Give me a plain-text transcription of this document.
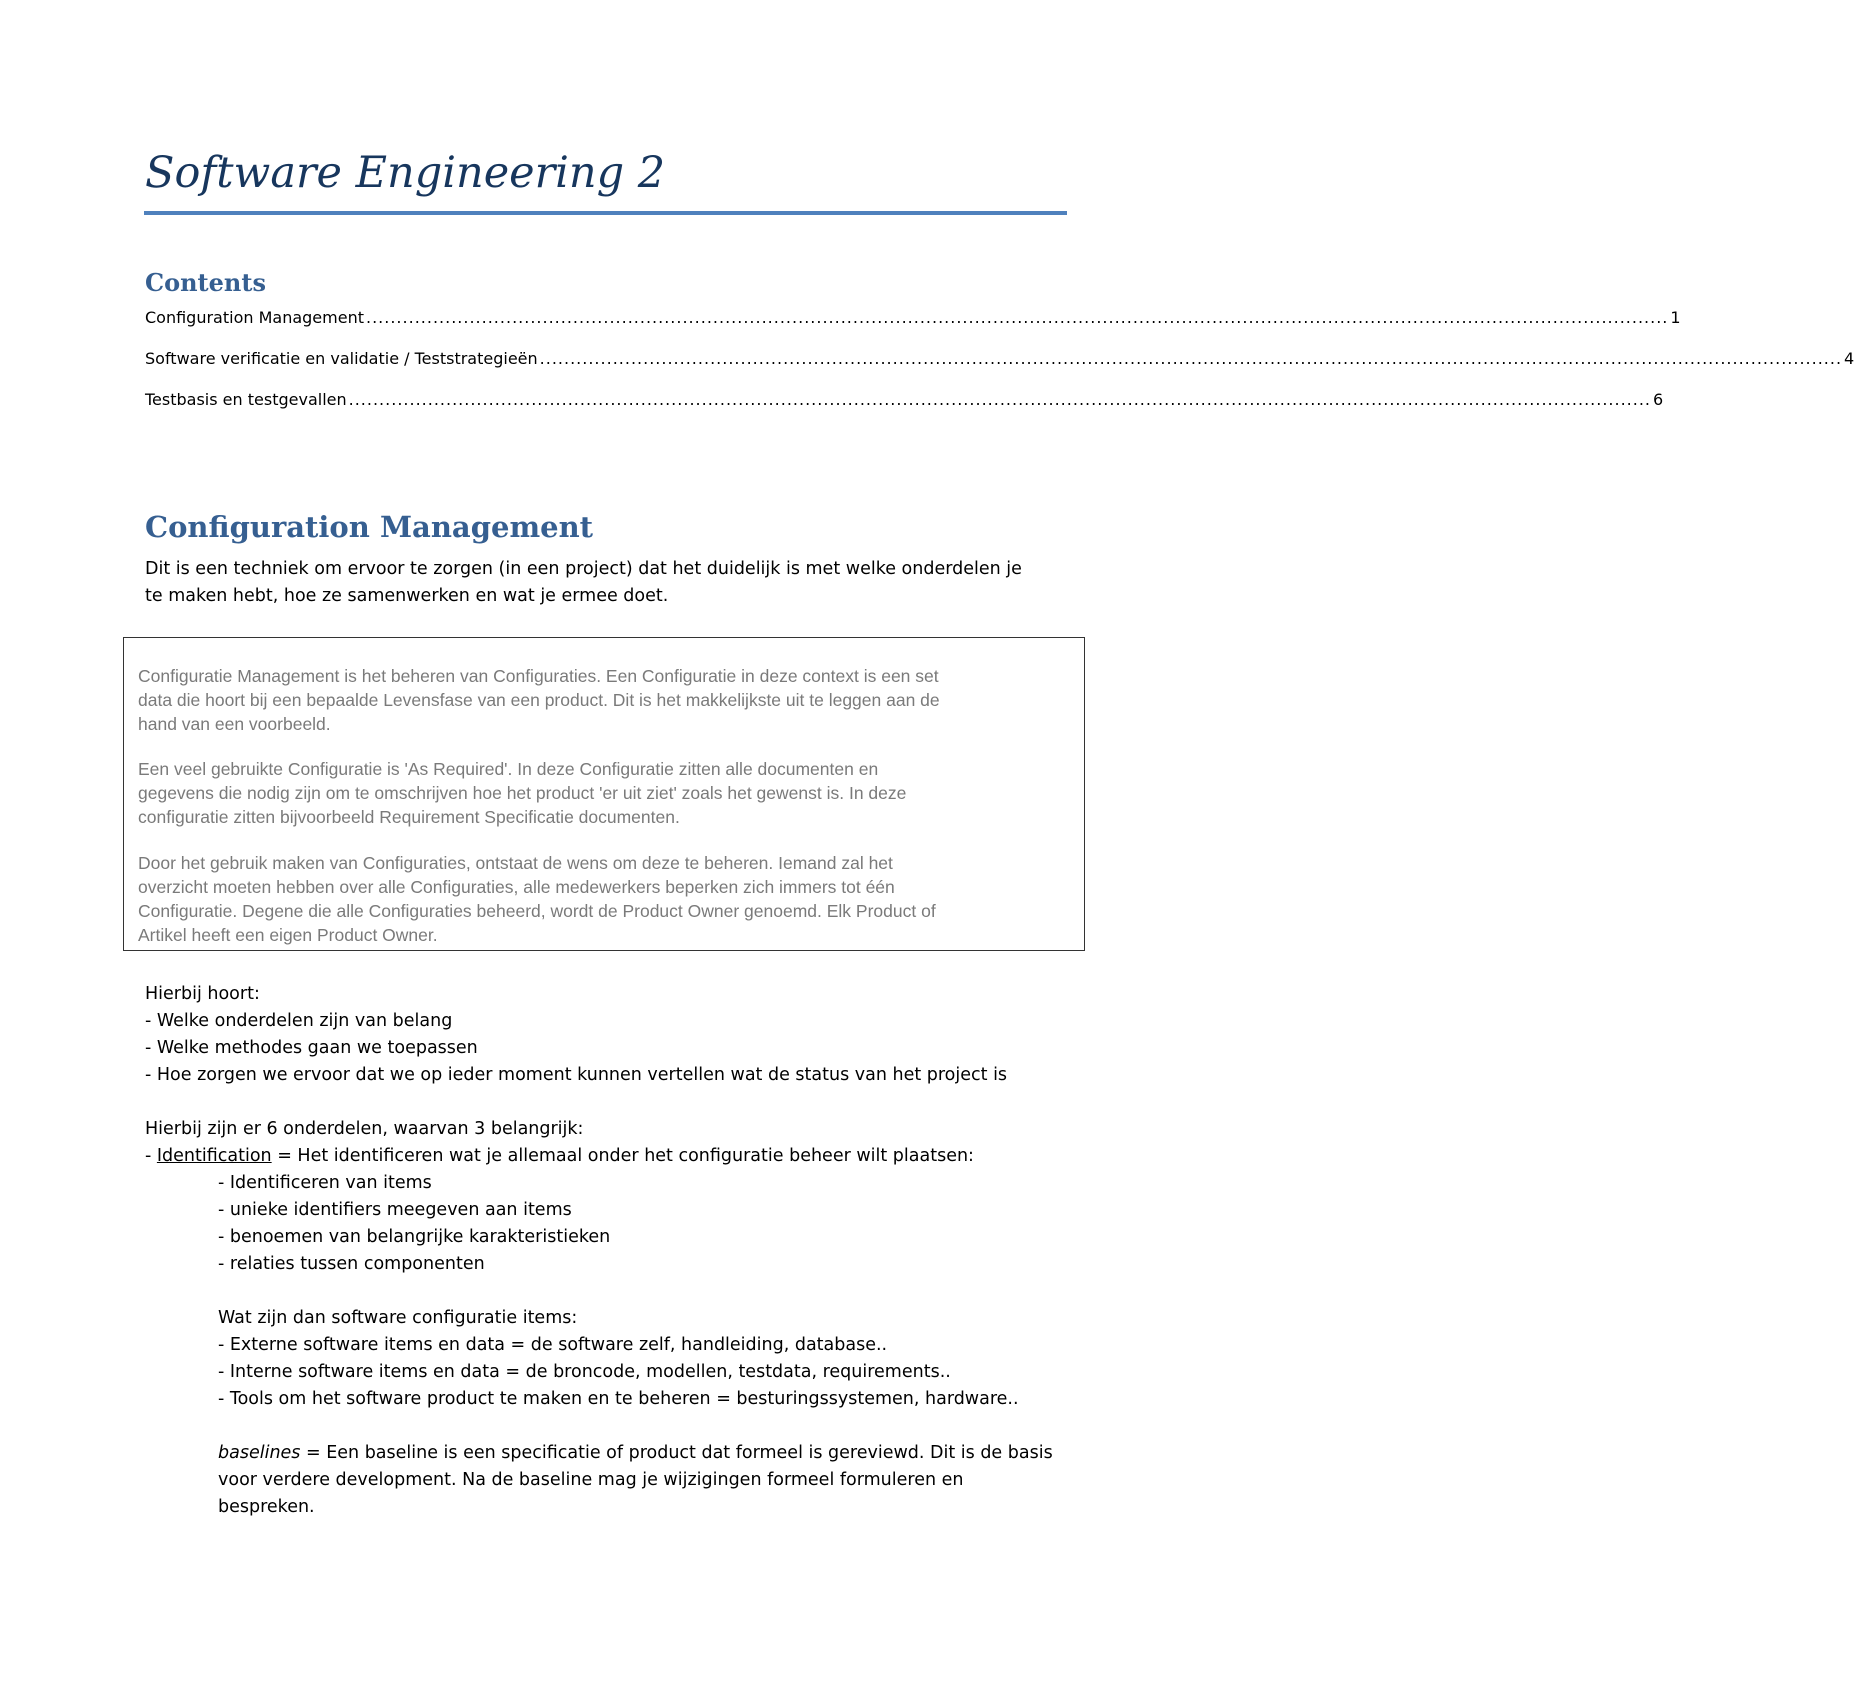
Software Engineering 2
Contents
Configuration Management ...................................................................................................................................................................................................................... 1
Software verificatie en validatie / Teststrategieën ...................................................................................................................................................................................................................... 4
Testbasis en testgevallen ...................................................................................................................................................................................................................... 6
Configuration Management
Dit is een techniek om ervoor te zorgen (in een project) dat het duidelijk is met welke onderdelen je
te maken hebt, hoe ze samenwerken en wat je ermee doet.
Configuratie Management is het beheren van Configuraties. Een Configuratie in deze context is een set
data die hoort bij een bepaalde Levensfase van een product. Dit is het makkelijkste uit te leggen aan de
hand van een voorbeeld.
Een veel gebruikte Configuratie is 'As Required'. In deze Configuratie zitten alle documenten en
gegevens die nodig zijn om te omschrijven hoe het product 'er uit ziet' zoals het gewenst is. In deze
configuratie zitten bijvoorbeeld Requirement Specificatie documenten.
Door het gebruik maken van Configuraties, ontstaat de wens om deze te beheren. Iemand zal het
overzicht moeten hebben over alle Configuraties, alle medewerkers beperken zich immers tot één
Configuratie. Degene die alle Configuraties beheerd, wordt de Product Owner genoemd. Elk Product of
Artikel heeft een eigen Product Owner.
Hierbij hoort:
- Welke onderdelen zijn van belang
- Welke methodes gaan we toepassen
- Hoe zorgen we ervoor dat we op ieder moment kunnen vertellen wat de status van het project is
Hierbij zijn er 6 onderdelen, waarvan 3 belangrijk:
- Identification = Het identificeren wat je allemaal onder het configuratie beheer wilt plaatsen:
- Identificeren van items
- unieke identifiers meegeven aan items
- benoemen van belangrijke karakteristieken
- relaties tussen componenten
Wat zijn dan software configuratie items:
- Externe software items en data = de software zelf, handleiding, database..
- Interne software items en data = de broncode, modellen, testdata, requirements..
- Tools om het software product te maken en te beheren = besturingssystemen, hardware..
baselines = Een baseline is een specificatie of product dat formeel is gereviewd. Dit is de basis
voor verdere development. Na de baseline mag je wijzigingen formeel formuleren en
bespreken.
